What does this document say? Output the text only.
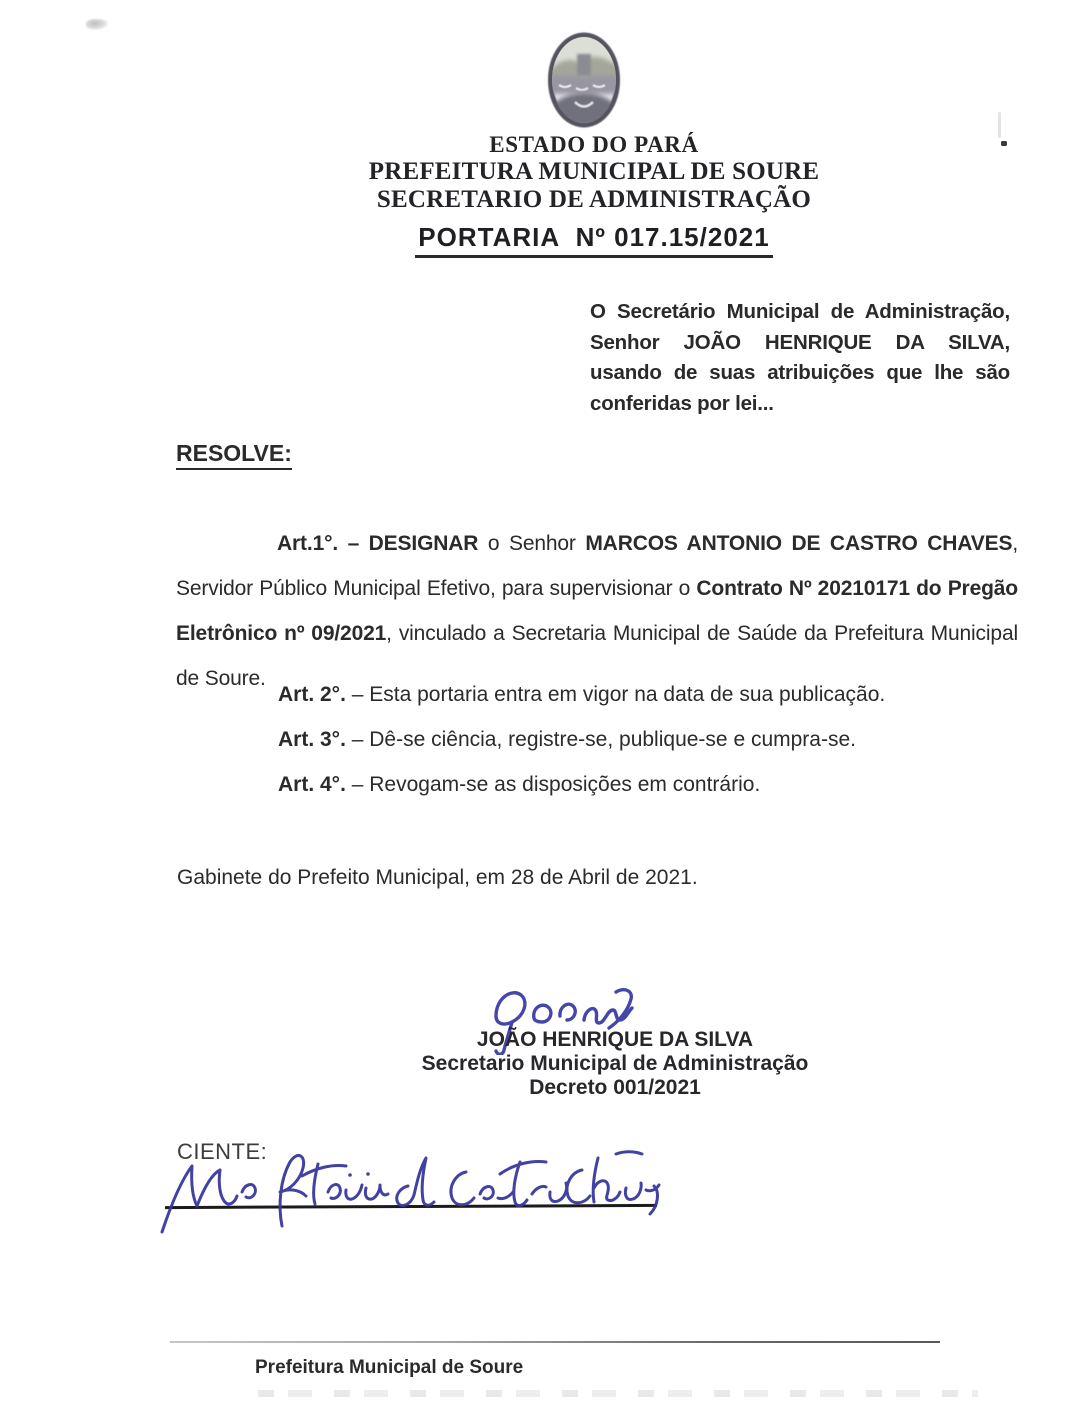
ESTADO DO PARÁ
PREFEITURA MUNICIPAL DE SOURE
SECRETARIO DE ADMINISTRAÇÃO
PORTARIA  Nº 017.15/2021
O Secretário Municipal de Administração, Senhor JOÃO HENRIQUE DA SILVA, usando de suas atribuições que lhe são conferidas por lei...
RESOLVE:
Art.1°. – DESIGNAR o Senhor MARCOS ANTONIO DE CASTRO CHAVES, Servidor Público Municipal Efetivo, para supervisionar o Contrato Nº 20210171 do Pregão Eletrônico nº 09/2021, vinculado a Secretaria Municipal de Saúde da Prefeitura Municipal de Soure.
Art. 2°. – Esta portaria entra em vigor na data de sua publicação.
Art. 3°. – Dê-se ciência, registre-se, publique-se e cumpra-se.
Art. 4°. – Revogam-se as disposições em contrário.
Gabinete do Prefeito Municipal, em 28 de Abril de 2021.
JOÃO HENRIQUE DA SILVA
Secretario Municipal de Administração
Decreto 001/2021
CIENTE:
Prefeitura Municipal de Soure
